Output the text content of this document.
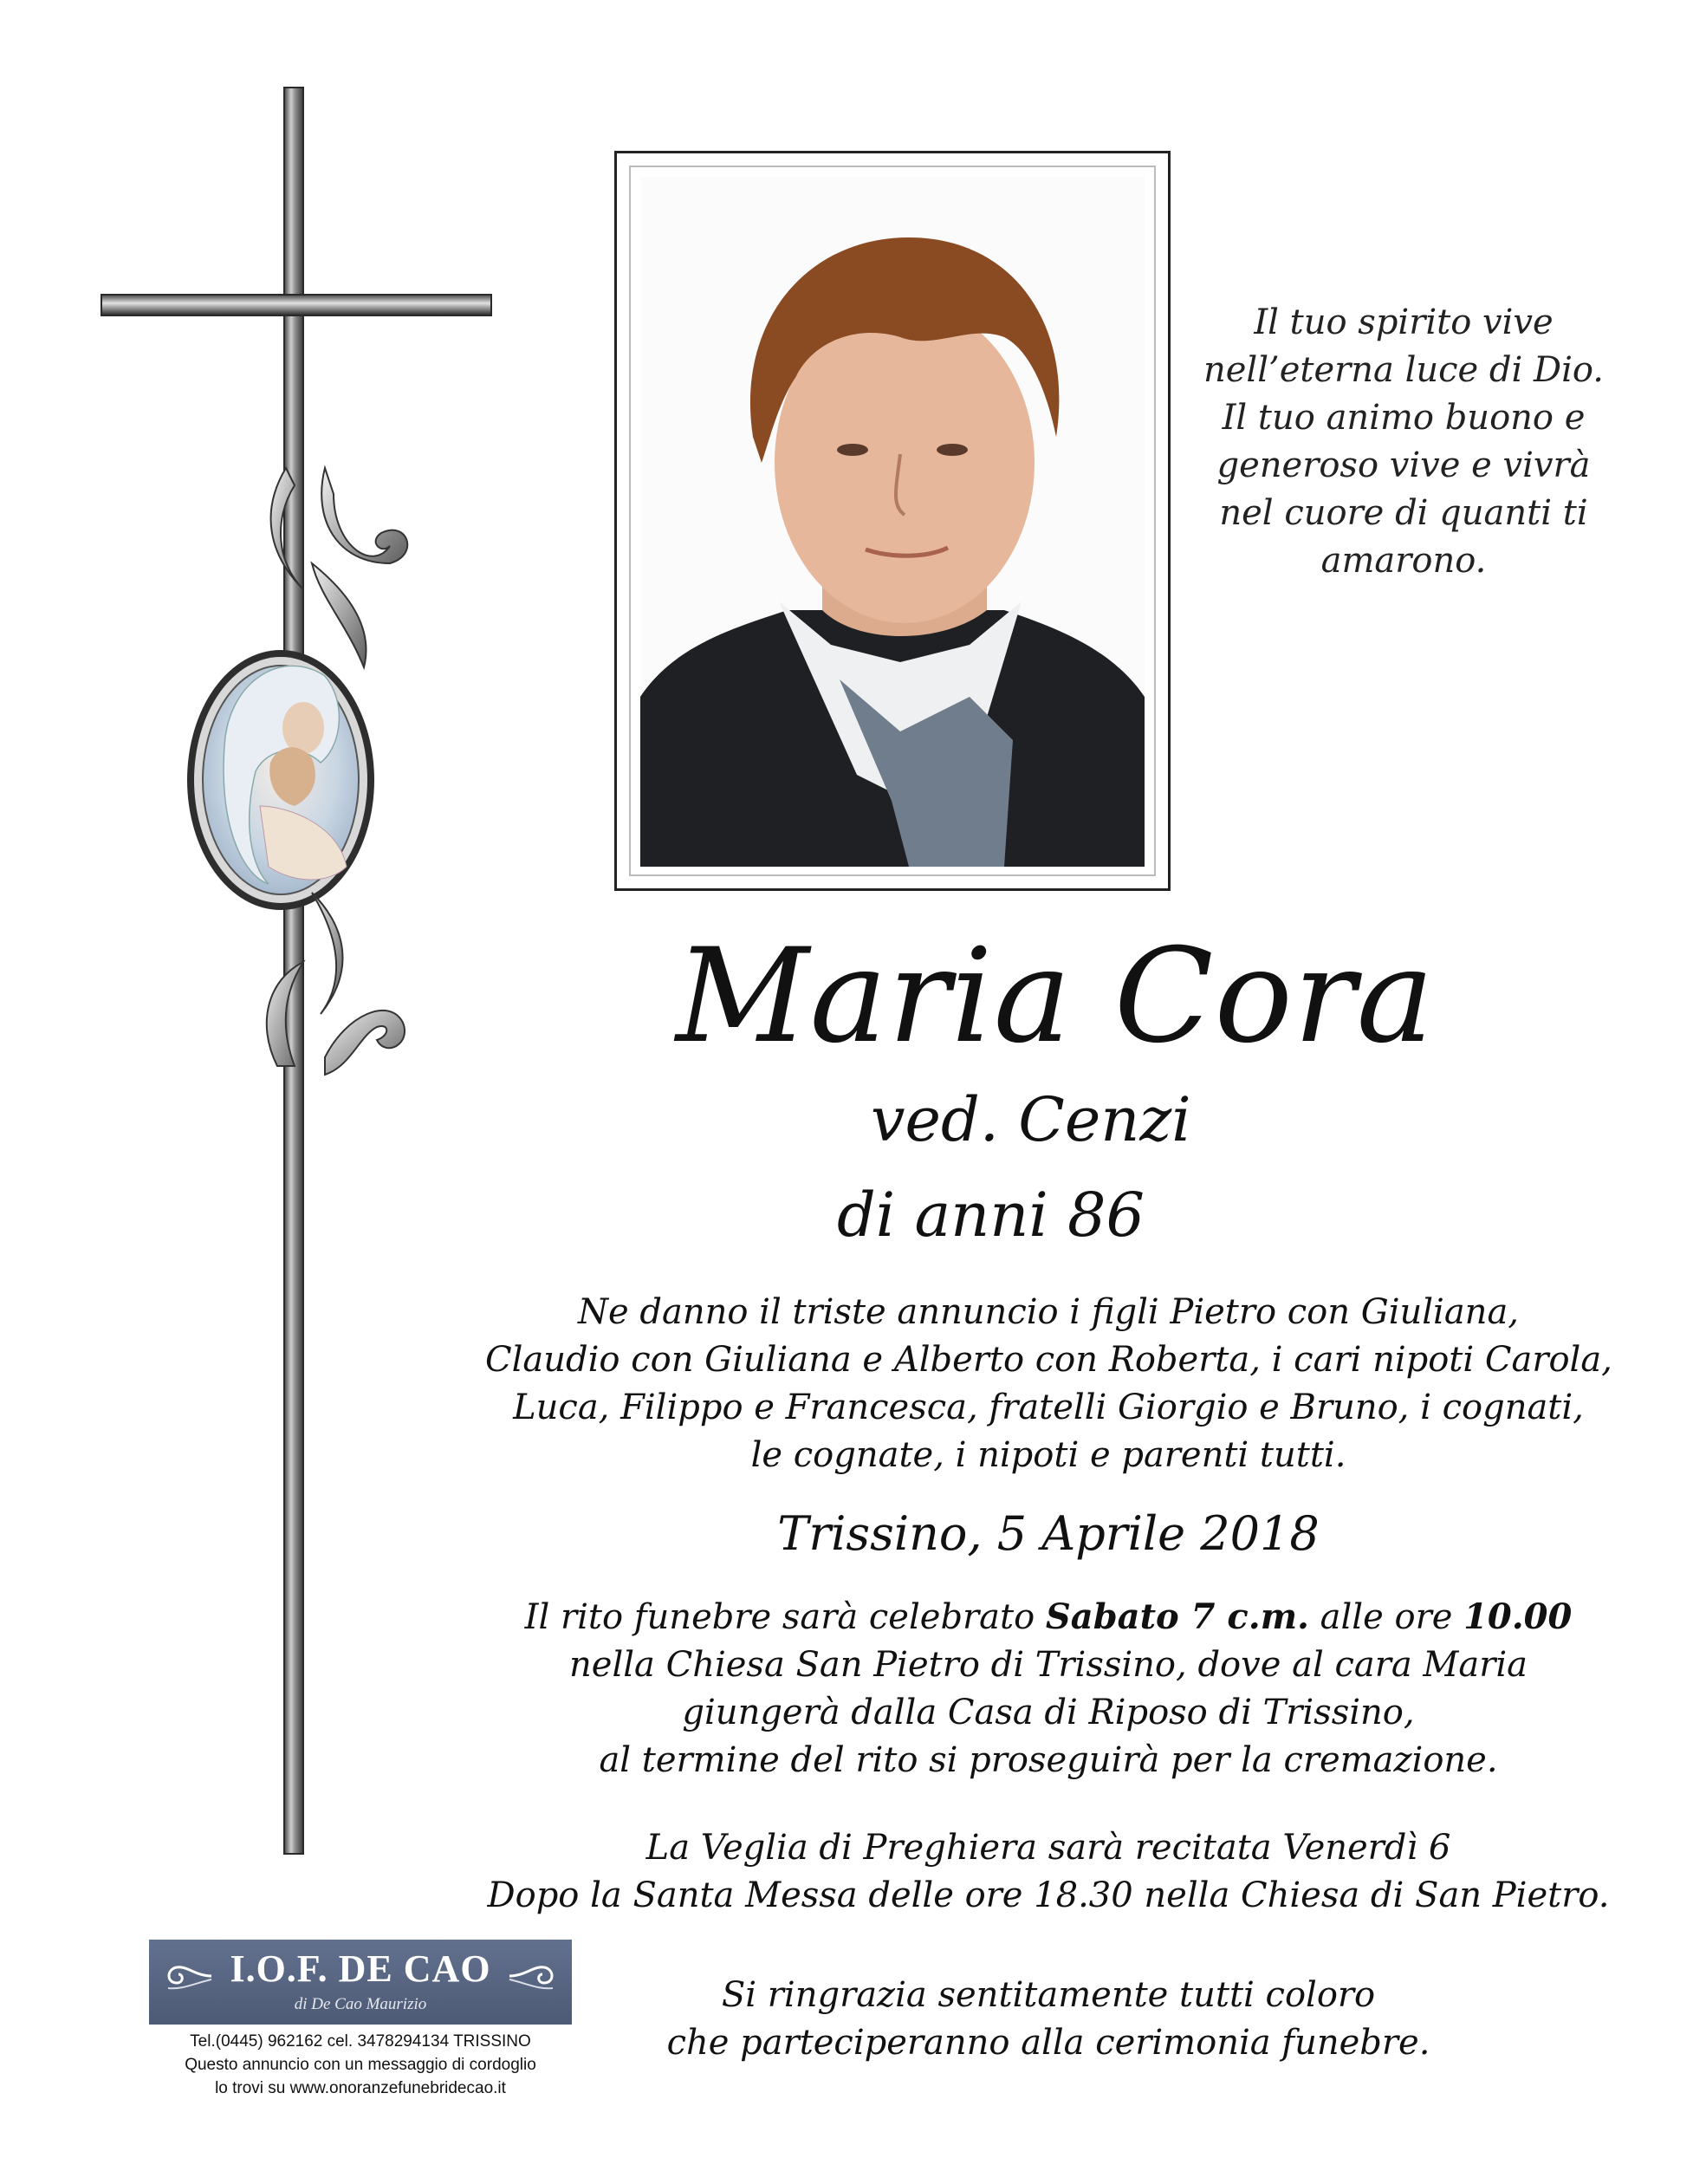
Il tuo spirito vive
nell’eterna luce di Dio.
Il tuo animo buono e
generoso vive e vivrà
nel cuore di quanti ti
amarono.
Maria Cora
ved. Cenzi
di anni 86
Ne danno il triste annuncio i figli Pietro con Giuliana,
Claudio con Giuliana e Alberto con Roberta, i cari nipoti Carola,
Luca, Filippo e Francesca, fratelli Giorgio e Bruno, i cognati,
le cognate, i nipoti e parenti tutti.
Trissino, 5 Aprile 2018
Il rito funebre sarà celebrato Sabato 7 c.m. alle ore 10.00
nella Chiesa San Pietro di Trissino, dove al cara Maria
giungerà dalla Casa di Riposo di Trissino,
al termine del rito si proseguirà per la cremazione.
La Veglia di Preghiera sarà recitata Venerdì 6
Dopo la Santa Messa delle ore 18.30 nella Chiesa di San Pietro.
Si ringrazia sentitamente tutti coloro
che parteciperanno alla cerimonia funebre.
I.O.F. DE CAO
di De Cao Maurizio
Tel.(0445) 962162 cel. 3478294134 TRISSINO
Questo annuncio con un messaggio di cordoglio
lo trovi su www.onoranzefunebridecao.it
